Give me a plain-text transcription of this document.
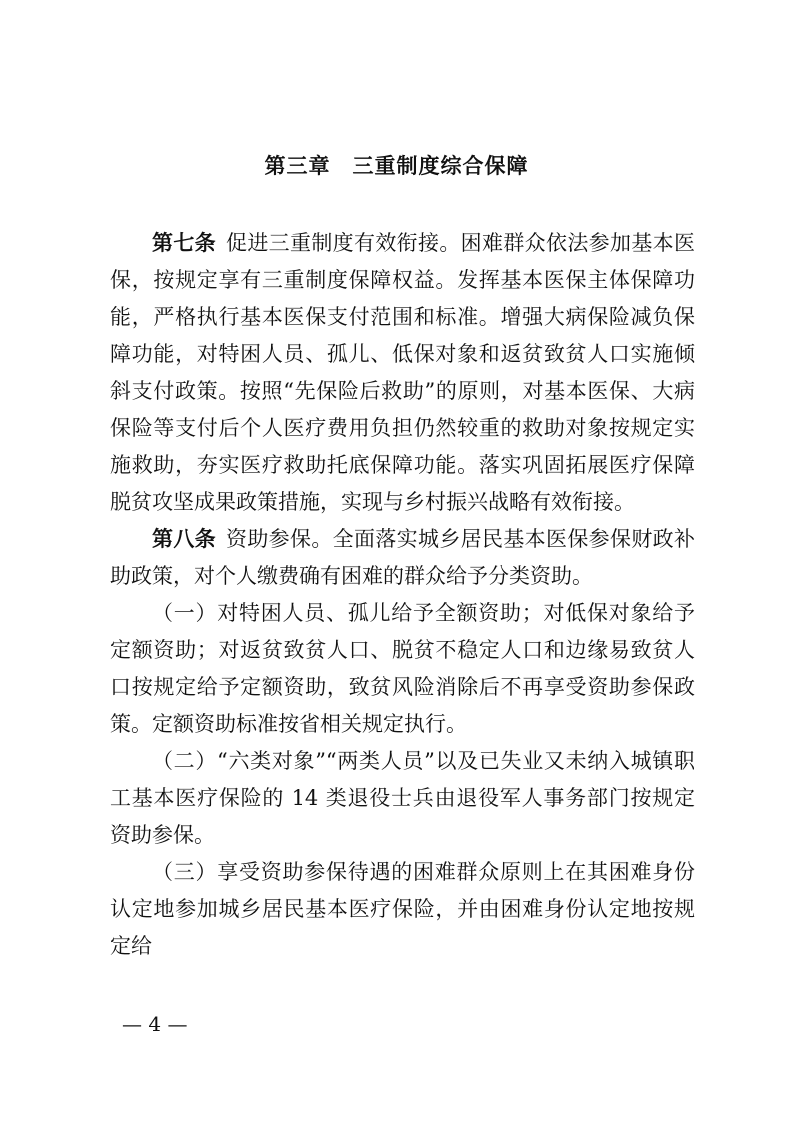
第三章　三重制度综合保障

第七条 促进三重制度有效衔接。困难群众依法参加基本医保，按规定享有三重制度保障权益。发挥基本医保主体保障功能，严格执行基本医保支付范围和标准。增强大病保险减负保障功能，对特困人员、孤儿、低保对象和返贫致贫人口实施倾斜支付政策。按照“先保险后救助”的原则，对基本医保、大病保险等支付后个人医疗费用负担仍然较重的救助对象按规定实施救助，夯实医疗救助托底保障功能。落实巩固拓展医疗保障脱贫攻坚成果政策措施，实现与乡村振兴战略有效衔接。

第八条 资助参保。全面落实城乡居民基本医保参保财政补助政策，对个人缴费确有困难的群众给予分类资助。

（一）对特困人员、孤儿给予全额资助；对低保对象给予定额资助；对返贫致贫人口、脱贫不稳定人口和边缘易致贫人口按规定给予定额资助，致贫风险消除后不再享受资助参保政策。定额资助标准按省相关规定执行。

（二）“六类对象”“两类人员”以及已失业又未纳入城镇职工基本医疗保险的 14 类退役士兵由退役军人事务部门按规定资助参保。

（三）享受资助参保待遇的困难群众原则上在其困难身份认定地参加城乡居民基本医疗保险，并由困难身份认定地按规定给

— 4 —
